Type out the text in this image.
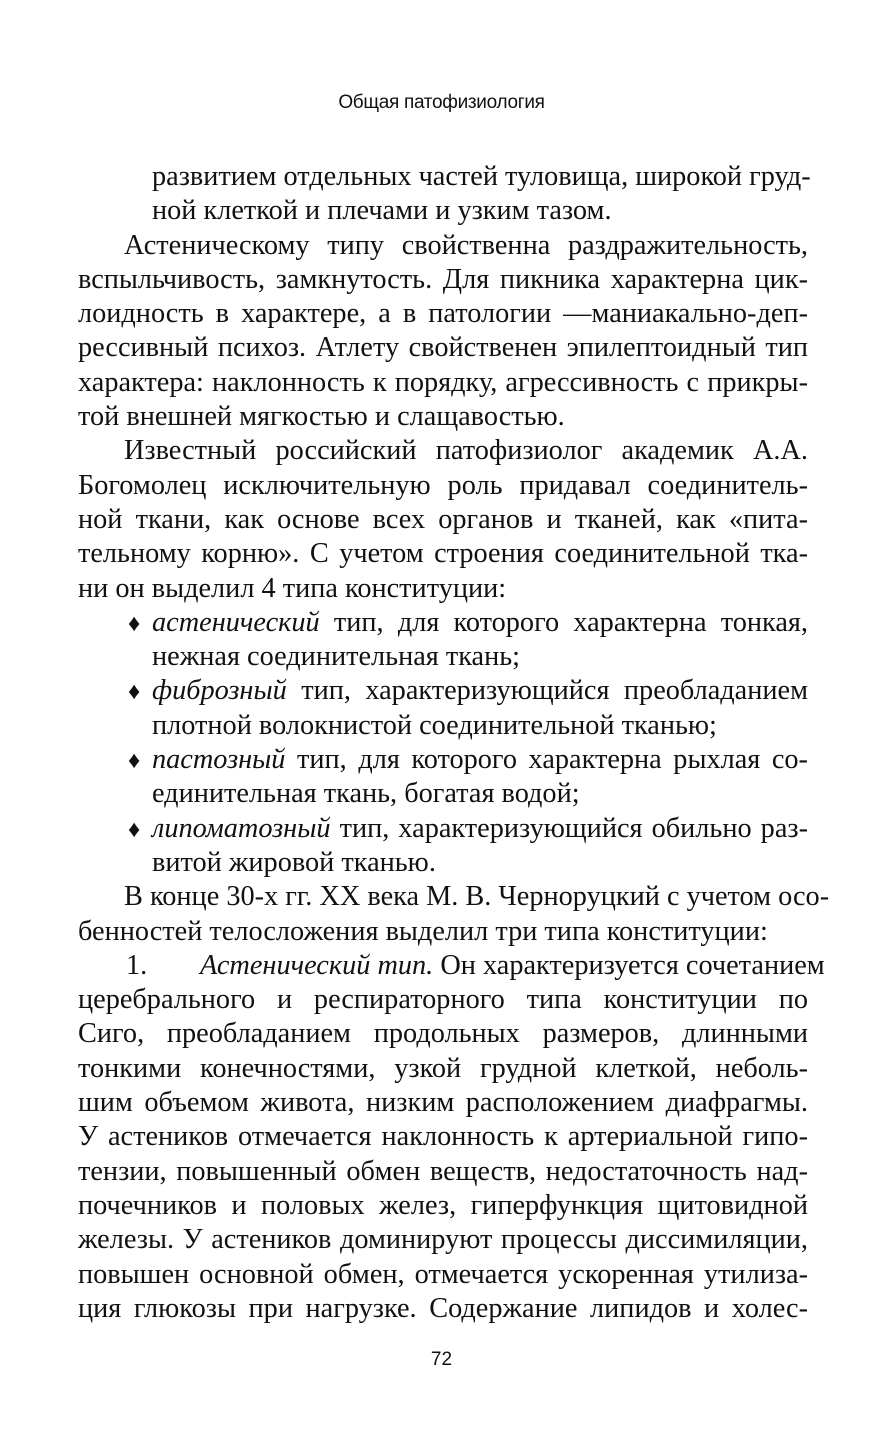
Общая патофизиология
развитием отдельных частей туловища, широкой груд-
ной клеткой и плечами и узким тазом.
Астеническому типу свойственна раздражительность,
вспыльчивость, замкнутость. Для пикника характерна цик-
лоидность в характере, а в патологии —маниакально-деп-
рессивный психоз. Атлету свойственен эпилептоидный тип
характера: наклонность к порядку, агрессивность с прикры-
той внешней мягкостью и слащавостью.
Известный российский патофизиолог академик А.А.
Богомолец исключительную роль придавал соединитель-
ной ткани, как основе всех органов и тканей, как «пита-
тельному корню». С учетом строения соединительной тка-
ни он выделил 4 типа конституции:
♦ астенический тип, для которого характерна тонкая,
нежная соединительная ткань;
♦ фиброзный тип, характеризующийся преобладанием
плотной волокнистой соединительной тканью;
♦ пастозный тип, для которого характерна рыхлая со-
единительная ткань, богатая водой;
♦ липоматозный тип, характеризующийся обильно раз-
витой жировой тканью.
В конце 30-х гг. XX века М. В. Черноруцкий с учетом осо-
бенностей телосложения выделил три типа конституции:
1. Астенический тип. Он характеризуется сочетанием
церебрального и респираторного типа конституции по
Сиго, преобладанием продольных размеров, длинными
тонкими конечностями, узкой грудной клеткой, неболь-
шим объемом живота, низким расположением диафрагмы.
У астеников отмечается наклонность к артериальной гипо-
тензии, повышенный обмен веществ, недостаточность над-
почечников и половых желез, гиперфункция щитовидной
железы. У астеников доминируют процессы диссимиляции,
повышен основной обмен, отмечается ускоренная утилиза-
ция глюкозы при нагрузке. Содержание липидов и холес-
72
